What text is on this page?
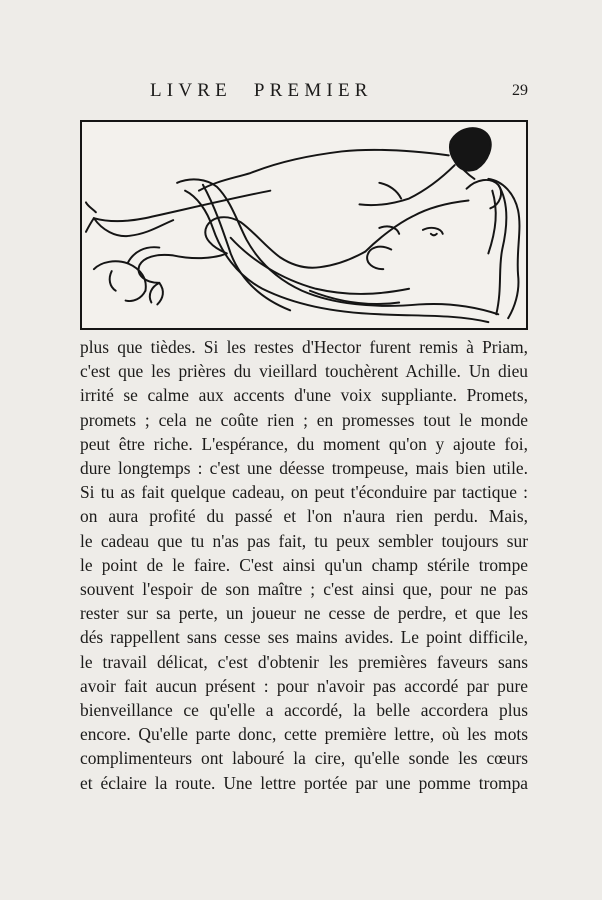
LIVRE PREMIER	29
plus que tièdes. Si les restes d'Hector furent remis à Priam,
c'est que les prières du vieillard touchèrent Achille. Un dieu
irrité se calme aux accents d'une voix suppliante. Promets,
promets ; cela ne coûte rien ; en promesses tout le monde
peut être riche. L'espérance, du moment qu'on y ajoute foi,
dure longtemps : c'est une déesse trompeuse, mais bien utile.
Si tu as fait quelque cadeau, on peut t'éconduire par tactique :
on aura profité du passé et l'on n'aura rien perdu. Mais,
le cadeau que tu n'as pas fait, tu peux sembler toujours sur
le point de le faire. C'est ainsi qu'un champ stérile trompe
souvent l'espoir de son maître ; c'est ainsi que, pour ne pas
rester sur sa perte, un joueur ne cesse de perdre, et que les
dés rappellent sans cesse ses mains avides. Le point difficile,
le travail délicat, c'est d'obtenir les premières faveurs sans
avoir fait aucun présent : pour n'avoir pas accordé par pure
bienveillance ce qu'elle a accordé, la belle accordera plus
encore. Qu'elle parte donc, cette première lettre, où les mots
complimenteurs ont labouré la cire, qu'elle sonde les cœurs
et éclaire la route. Une lettre portée par une pomme trompa
